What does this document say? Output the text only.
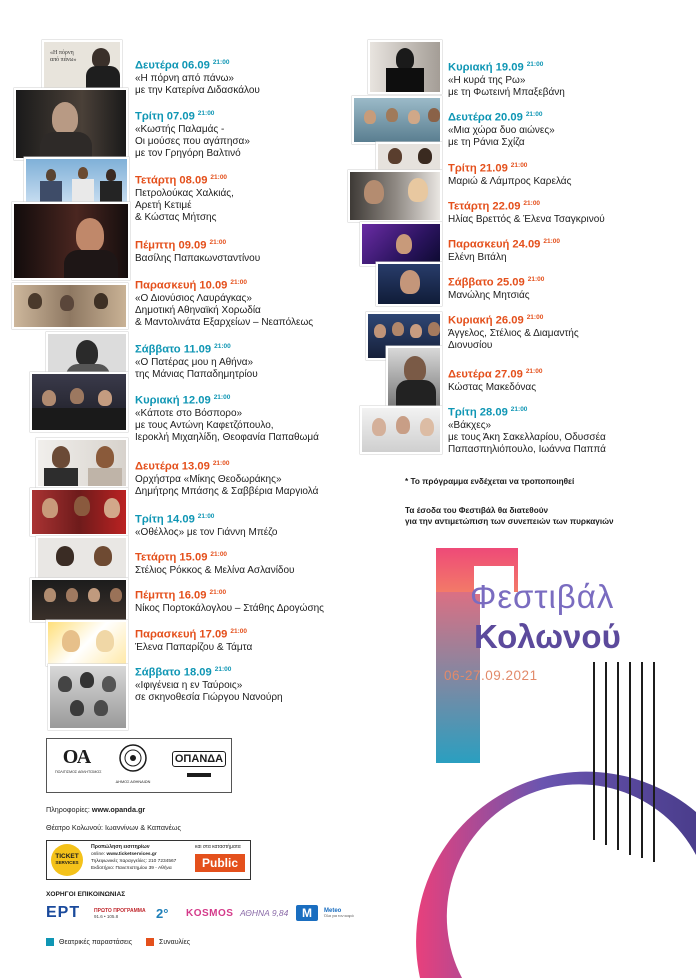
«Η πόρνη από πάνω»	Δευτέρα 06.09 $^{21:00}$
«Η πόρνη από πάνω»
με την Κατερίνα Διδασκάλου
Τρίτη 07.09 $^{21:00}$
«Κωστής Παλαμάς -
Οι μούσες που αγάπησα»
με τον Γρηγόρη Βαλτινό
Τετάρτη 08.09 $^{21:00}$
Πετρολούκας Χαλκιάς,
Αρετή Κετιμέ
& Κώστας Μήτσης
Πέμπτη 09.09 $^{21:00}$
Βασίλης Παπακωνσταντίνου
Παρασκευή 10.09 $^{21:00}$
«Ο Διονύσιος Λαυράγκας»
Δημοτική Αθηναϊκή Χορωδία
& Μαντολινάτα Εξαρχείων – Νεαπόλεως
Σάββατο 11.09 $^{21:00}$
«Ο Πατέρας μου η Αθήνα»
της Μάνιας Παπαδημητρίου
Κυριακή 12.09 $^{21:00}$
«Κάποτε στο Βόσπορο»
με τους Αντώνη Καφετζόπουλο,
Ιεροκλή Μιχαηλίδη, Θεοφανία Παπαθωμά
Δευτέρα 13.09 $^{21:00}$
Ορχήστρα «Μίκης Θεοδωράκης»
Δημήτρης Μπάσης & Σαββέρια Μαργιολά
Τρίτη 14.09 $^{21:00}$
«Οθέλλος» με τον Γιάννη Μπέζο
Τετάρτη 15.09 $^{21:00}$
Στέλιος Ρόκκος & Μελίνα Ασλανίδου
Πέμπτη 16.09 $^{21:00}$
Νίκος Πορτοκάλογλου – Στάθης Δρογώσης
Παρασκευή 17.09 $^{21:00}$
Έλενα Παπαρίζου & Τάμτα
Σάββατο 18.09 $^{21:00}$
«Ιφιγένεια η εν Ταύροις»
σε σκηνοθεσία Γιώργου Νανούρη
Κυριακή 19.09 $^{21:00}$
«Η κυρά της Ρω»
με τη Φωτεινή Μπαξεβάνη
Δευτέρα 20.09 $^{21:00}$
«Μια χώρα δυο αιώνες»
με τη Ράνια Σχίζα
Τρίτη 21.09 $^{21:00}$
Μαριώ & Λάμπρος Καρελάς
Τετάρτη 22.09 $^{21:00}$
Ηλίας Βρεττός & Έλενα Τσαγκρινού
Παρασκευή 24.09 $^{21:00}$
Ελένη Βιτάλη
Σάββατο 25.09 $^{21:00}$
Μανώλης Μητσιάς
Κυριακή 26.09 $^{21:00}$
Άγγελος, Στέλιος & Διαμαντής
Διονυσίου
Δευτέρα 27.09 $^{21:00}$
Κώστας Μακεδόνας
Τρίτη 28.09 $^{21:00}$
«Βάκχες»
με τους Άκη Σακελλαρίου, Οδυσσέα
Παπασπηλιόπουλο, Ιωάννα Παππά
* Το πρόγραμμα ενδέχεται να τροποποιηθεί
Τα έσοδα του Φεστιβάλ θα διατεθούν
για την αντιμετώπιση των συνεπειών των πυρκαγιών
Φεστιβάλ
Κολωνού
06-27.09.2021
ΟΑ
ΠΟΛΙΤΙΣΜΟΣ ΑΘΛΗΤΙΣΜΟΣ
ΔΗΜΟΣ ΑΘΗΝΑΙΩΝ
ΟΠΑΝΔΑ
Πληροφορίες: www.opanda.gr
Θέατρο Κολωνού: Ιωαννίνων & Καπανέως
TICKET
SERVICES
Προπώληση εισιτηρίων
online: www.ticketservices.gr
Τηλεφωνικές παραγγελίες: 210 7234567
Εκδοτήριο: Πανεπιστημίου 39 - Αθήνα
και στα καταστήματα
Public
ΧΟΡΗΓΟΙ ΕΠΙΚΟΙΝΩΝΙΑΣ
ΕΡΤ	ΠΡΩΤΟ ΠΡΟΓΡΑΜΜΑ
91.6 • 105.8	2° KOSMOS ΑΘΗΝΑ 9,84	M	Meteo
Όλα για τον καιρό
Θεατρικές παραστάσεις	Συναυλίες
